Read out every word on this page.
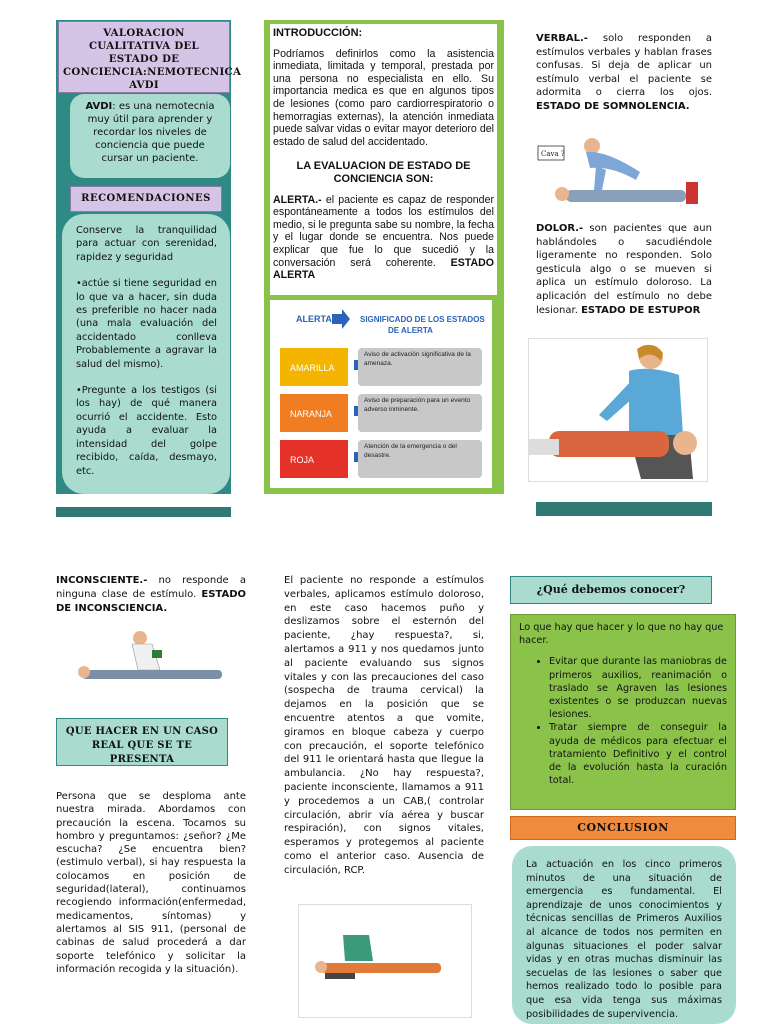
VALORACION CUALITATIVA DEL ESTADO DE CONCIENCIA:NEMOTECNICA AVDI
AVDI: es una nemotecnia muy útil para aprender y recordar los niveles de conciencia que puede cursar un paciente.
RECOMENDACIONES

Conserve la tranquilidad para actuar con serenidad, rapidez y seguridad

•actúe si tiene seguridad en lo que va a hacer, sin duda es preferible no hacer nada (una mala evaluación del accidentado conlleva Probablemente a agravar la salud del mismo).

•Pregunte a los testigos (si los hay) de qué manera ocurrió el accidente. Esto ayuda a evaluar la intensidad del golpe recibido, caída, desmayo, etc.

INTRODUCCIÓN:

Podríamos definirlos como la asistencia inmediata, limitada y temporal, prestada por una persona no especialista en ello. Su importancia medica es que en algunos tipos de lesiones (como paro cardiorrespiratorio o hemorragias externas), la atención inmediata puede salvar vidas o evitar mayor deterioro del estado de salud del accidentado.

LA EVALUACION DE ESTADO DE CONCIENCIA SON:

ALERTA.- el paciente es capaz de responder espontáneamente a todos los estímulos del medio, si le pregunta sabe su nombre, la fecha y el lugar donde se encuentra. Nos puede explicar que fue lo que sucedió y la conversación será coherente. ESTADO ALERTA

ALERTA	SIGNIFICADO DE LOS ESTADOS DE ALERTA
AMARILLA
Aviso de activación significativa de la amenaza.
NARANJA
Aviso de preparación para un evento adverso inminente.
ROJA
Atención de la emergencia o del desastre.
VERBAL.- solo responden a estímulos verbales y hablan frases confusas. Si deja de aplicar un estímulo verbal el paciente se adormita o cierra los ojos. ESTADO DE SOMNOLENCIA.
Cava ?
DOLOR.- son pacientes que aun hablándoles o sacudiéndole ligeramente no responden. Solo gesticula algo o se mueven si aplica un estímulo doloroso. La aplicación del estímulo no debe lesionar. ESTADO DE ESTUPOR
INCONSCIENTE.- no responde a ninguna clase de estímulo. ESTADO DE INCONSCIENCIA.
QUE HACER EN UN CASO REAL QUE SE TE PRESENTA
Persona que se desploma ante nuestra mirada. Abordamos con precaución la escena. Tocamos su hombro y preguntamos: ¿señor? ¿Me escucha? ¿Se encuentra bien?(estimulo verbal), si hay respuesta la colocamos en posición de seguridad(lateral), continuamos recogiendo información(enfermedad, medicamentos, síntomas) y alertamos al SIS 911, (personal de cabinas de salud procederá a dar soporte telefónico y solicitar la información recogida y la situación).
El paciente no responde a estímulos verbales, aplicamos estímulo doloroso, en este caso hacemos puño y deslizamos sobre el esternón del paciente, ¿hay respuesta?, si, alertamos a 911 y nos quedamos junto al paciente evaluando sus signos vitales y con las precauciones del caso (sospecha de trauma cervical) la dejamos en la posición que se encuentre atentos a que vomite, giramos en bloque cabeza y cuerpo con precaución, el soporte telefónico del 911 le orientará hasta que llegue la ambulancia. ¿No hay respuesta?, paciente inconsciente, llamamos a 911 y procedemos a un CAB,( controlar circulación, abrir vía aérea y buscar respiración), con signos vitales, esperamos y protegemos al paciente como el anterior caso. Ausencia de circulación, RCP.
¿Qué debemos conocer?

Lo que hay que hacer y lo que no hay que hacer.

• Evitar que durante las maniobras de primeros auxilios, reanimación o traslado se Agraven las lesiones existentes o se produzcan nuevas lesiones.
• Tratar siempre de conseguir la ayuda de médicos para efectuar el tratamiento Definitivo y el control de la evolución hasta la curación total.
CONCLUSION
La actuación en los cinco primeros minutos de una situación de emergencia es fundamental. El aprendizaje de unos conocimientos y técnicas sencillas de Primeros Auxilios al alcance de todos nos permiten en algunas situaciones el poder salvar vidas y en otras muchas disminuir las secuelas de las lesiones o saber que hemos realizado todo lo posible para que esa vida tenga sus máximas posibilidades de supervivencia.
